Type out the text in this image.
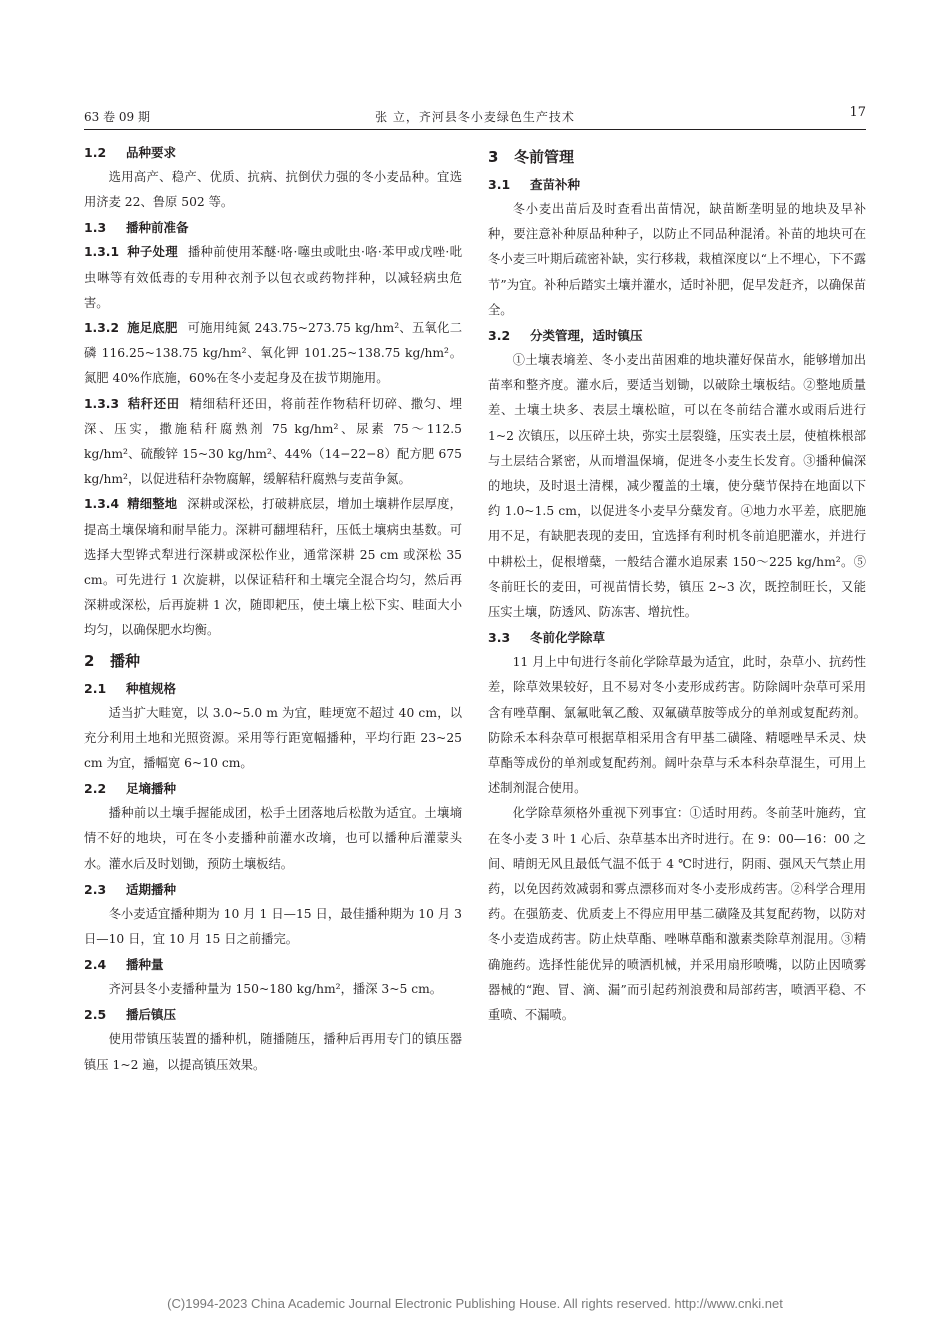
63 卷 09 期	张 立，齐河县冬小麦绿色生产技术	17
1.2 品种要求

选用高产、稳产、优质、抗病、抗倒伏力强的冬小麦品种。宜选用济麦 22、鲁原 502 等。

1.3 播种前准备

1.3.1 种子处理 播种前使用苯醚·咯·噻虫或吡虫·咯·苯甲或戊唑·吡虫啉等有效低毒的专用种衣剂予以包衣或药物拌种，以减轻病虫危害。

1.3.2 施足底肥 可施用纯氮 243.75~273.75 kg/hm²、五氧化二磷 116.25~138.75 kg/hm²、氧化钾 101.25~138.75 kg/hm²。氮肥 40%作底施，60%在冬小麦起身及在拔节期施用。

1.3.3 秸秆还田 精细秸秆还田，将前茬作物秸秆切碎、撒匀、埋深、压实，撒施秸秆腐熟剂 75 kg/hm²、尿素 75～112.5 kg/hm²、硫酸锌 15~30 kg/hm²、44%（14−22−8）配方肥 675 kg/hm²，以促进秸秆杂物腐解，缓解秸秆腐熟与麦苗争氮。

1.3.4 精细整地 深耕或深松，打破耕底层，增加土壤耕作层厚度，提高土壤保墒和耐旱能力。深耕可翻埋秸秆，压低土壤病虫基数。可选择大型铧式犁进行深耕或深松作业，通常深耕 25 cm 或深松 35 cm。可先进行 1 次旋耕，以保证秸秆和土壤完全混合均匀，然后再深耕或深松，后再旋耕 1 次，随即耙压，使土壤上松下实、畦面大小均匀，以确保肥水均衡。

2 播种
2.1 种植规格

适当扩大畦宽，以 3.0~5.0 m 为宜，畦埂宽不超过 40 cm，以充分利用土地和光照资源。采用等行距宽幅播种，平均行距 23~25 cm 为宜，播幅宽 6~10 cm。

2.2 足墒播种

播种前以土壤手握能成团，松手土团落地后松散为适宜。土壤墒情不好的地块，可在冬小麦播种前灌水改墒，也可以播种后灌蒙头水。灌水后及时划锄，预防土壤板结。

2.3 适期播种

冬小麦适宜播种期为 10 月 1 日—15 日，最佳播种期为 10 月 3 日—10 日，宜 10 月 15 日之前播完。

2.4 播种量

齐河县冬小麦播种量为 150~180 kg/hm²，播深 3~5 cm。

2.5 播后镇压

使用带镇压装置的播种机，随播随压，播种后再用专门的镇压器镇压 1~2 遍，以提高镇压效果。

3 冬前管理
3.1 查苗补种

冬小麦出苗后及时查看出苗情况，缺苗断垄明显的地块及早补种，要注意补种原品种种子，以防止不同品种混淆。补苗的地块可在冬小麦三叶期后疏密补缺，实行移栽，栽植深度以“上不埋心，下不露节”为宜。补种后踏实土壤并灌水，适时补肥，促早发赶齐，以确保苗全。

3.2 分类管理，适时镇压

①土壤表墒差、冬小麦出苗困难的地块灌好保苗水，能够增加出苗率和整齐度。灌水后，要适当划锄，以破除土壤板结。②整地质量差、土壤土块多、表层土壤松暄，可以在冬前结合灌水或雨后进行 1~2 次镇压，以压碎土块，弥实土层裂缝，压实表土层，使植株根部与土层结合紧密，从而增温保墒，促进冬小麦生长发育。③播种偏深的地块，及时退土清棵，减少覆盖的土壤，使分蘖节保持在地面以下约 1.0~1.5 cm，以促进冬小麦早分蘖发育。④地力水平差，底肥施用不足，有缺肥表现的麦田，宜选择有利时机冬前追肥灌水，并进行中耕松土，促根增蘖，一般结合灌水追尿素 150～225 kg/hm²。⑤冬前旺长的麦田，可视苗情长势，镇压 2~3 次，既控制旺长，又能压实土壤，防透风、防冻害、增抗性。

3.3 冬前化学除草

11 月上中旬进行冬前化学除草最为适宜，此时，杂草小、抗药性差，除草效果较好，且不易对冬小麦形成药害。防除阔叶杂草可采用含有唑草酮、氯氟吡氧乙酸、双氟磺草胺等成分的单剂或复配药剂。防除禾本科杂草可根据草相采用含有甲基二磺隆、精噁唑旱禾灵、炔草酯等成份的单剂或复配药剂。阔叶杂草与禾本科杂草混生，可用上述制剂混合使用。

化学除草须格外重视下列事宜：①适时用药。冬前茎叶施药，宜在冬小麦 3 叶 1 心后、杂草基本出齐时进行。在 9：00—16：00 之间、晴朗无风且最低气温不低于 4 ℃时进行，阴雨、强风天气禁止用药，以免因药效减弱和雾点漂移而对冬小麦形成药害。②科学合理用药。在强筋麦、优质麦上不得应用甲基二磺隆及其复配药物，以防对冬小麦造成药害。防止炔草酯、唑啉草酯和激素类除草剂混用。③精确施药。选择性能优异的喷洒机械，并采用扇形喷嘴，以防止因喷雾器械的“跑、冒、滴、漏”而引起药剂浪费和局部药害，喷洒平稳、不重喷、不漏喷。

(C)1994-2023 China Academic Journal Electronic Publishing House. All rights reserved. http://www.cnki.net
